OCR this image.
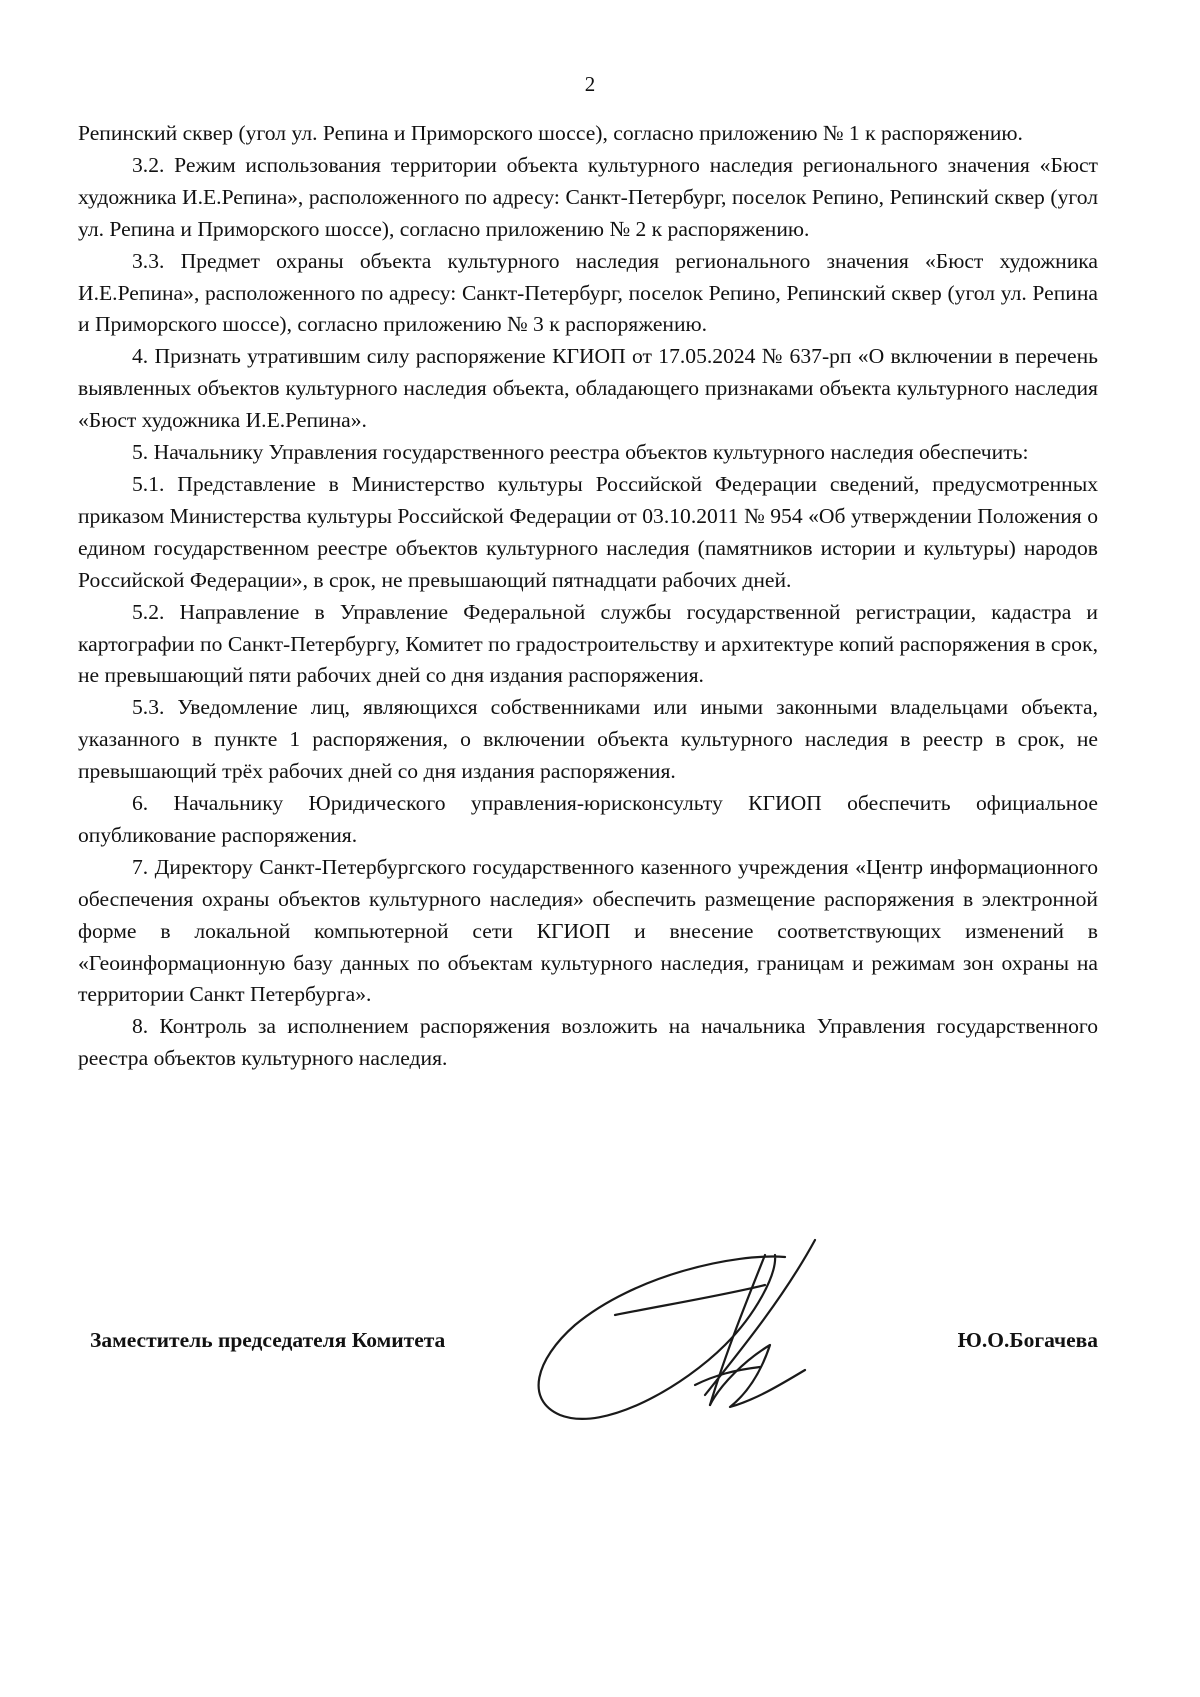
2

Репинский сквер (угол ул. Репина и Приморского шоссе), согласно приложению № 1 к распоряжению.

3.2. Режим использования территории объекта культурного наследия регионального значения «Бюст художника И.Е.Репина», расположенного по адресу: Санкт-Петербург, поселок Репино, Репинский сквер (угол ул. Репина и Приморского шоссе), согласно приложению № 2 к распоряжению.

3.3. Предмет охраны объекта культурного наследия регионального значения «Бюст художника И.Е.Репина», расположенного по адресу: Санкт-Петербург, поселок Репино, Репинский сквер (угол ул. Репина и Приморского шоссе), согласно приложению № 3 к распоряжению.

4. Признать утратившим силу распоряжение КГИОП от 17.05.2024 № 637-рп «О включении в перечень выявленных объектов культурного наследия объекта, обладающего признаками объекта культурного наследия «Бюст художника И.Е.Репина».

5. Начальнику Управления государственного реестра объектов культурного наследия обеспечить:

5.1. Представление в Министерство культуры Российской Федерации сведений, предусмотренных приказом Министерства культуры Российской Федерации от 03.10.2011 № 954 «Об утверждении Положения о едином государственном реестре объектов культурного наследия (памятников истории и культуры) народов Российской Федерации», в срок, не превышающий пятнадцати рабочих дней.

5.2. Направление в Управление Федеральной службы государственной регистрации, кадастра и картографии по Санкт-Петербургу, Комитет по градостроительству и архитектуре копий распоряжения в срок, не превышающий пяти рабочих дней со дня издания распоряжения.

5.3. Уведомление лиц, являющихся собственниками или иными законными владельцами объекта, указанного в пункте 1 распоряжения, о включении объекта культурного наследия в реестр в срок, не превышающий трёх рабочих дней со дня издания распоряжения.

6. Начальнику Юридического управления-юрисконсульту КГИОП обеспечить официальное опубликование распоряжения.

7. Директору Санкт-Петербургского государственного казенного учреждения «Центр информационного обеспечения охраны объектов культурного наследия» обеспечить размещение распоряжения в электронной форме в локальной компьютерной сети КГИОП и внесение соответствующих изменений в «Геоинформационную базу данных по объектам культурного наследия, границам и режимам зон охраны на территории Санкт Петербурга».

8. Контроль за исполнением распоряжения возложить на начальника Управления государственного реестра объектов культурного наследия.

Заместитель председателя Комитета	Ю.О.Богачева
